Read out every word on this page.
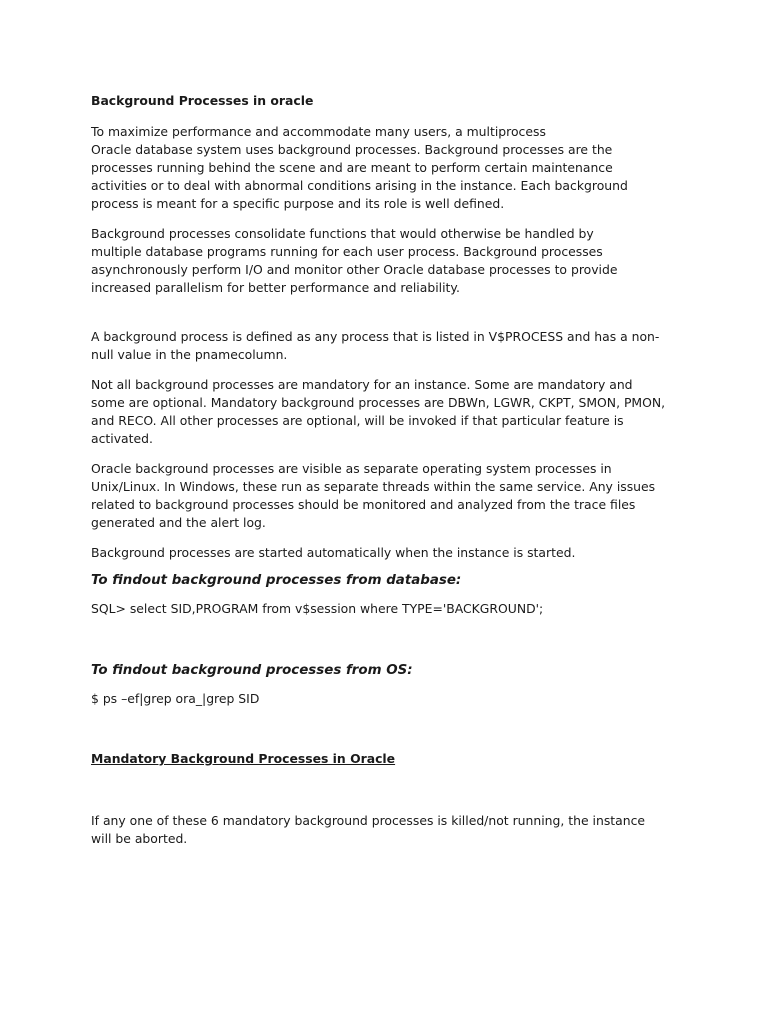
Background Processes in oracle

To maximize performance and accommodate many users, a multiprocess
Oracle database system uses background processes. Background processes are the
processes running behind the scene and are meant to perform certain maintenance
activities or to deal with abnormal conditions arising in the instance. Each background
process is meant for a specific purpose and its role is well defined.

Background processes consolidate functions that would otherwise be handled by
multiple database programs running for each user process. Background processes
asynchronously perform I/O and monitor other Oracle database processes to provide
increased parallelism for better performance and reliability.

A background process is defined as any process that is listed in V$PROCESS and has a non-
null value in the pnamecolumn.

Not all background processes are mandatory for an instance. Some are mandatory and
some are optional. Mandatory background processes are DBWn, LGWR, CKPT, SMON, PMON,
and RECO. All other processes are optional, will be invoked if that particular feature is
activated.

Oracle background processes are visible as separate operating system processes in
Unix/Linux. In Windows, these run as separate threads within the same service. Any issues
related to background processes should be monitored and analyzed from the trace files
generated and the alert log.

Background processes are started automatically when the instance is started.

To findout background processes from database:

SQL> select SID,PROGRAM from v$session where TYPE='BACKGROUND';

To findout background processes from OS:

$ ps –ef|grep ora_|grep SID

Mandatory Background Processes in Oracle

If any one of these 6 mandatory background processes is killed/not running, the instance
will be aborted.
